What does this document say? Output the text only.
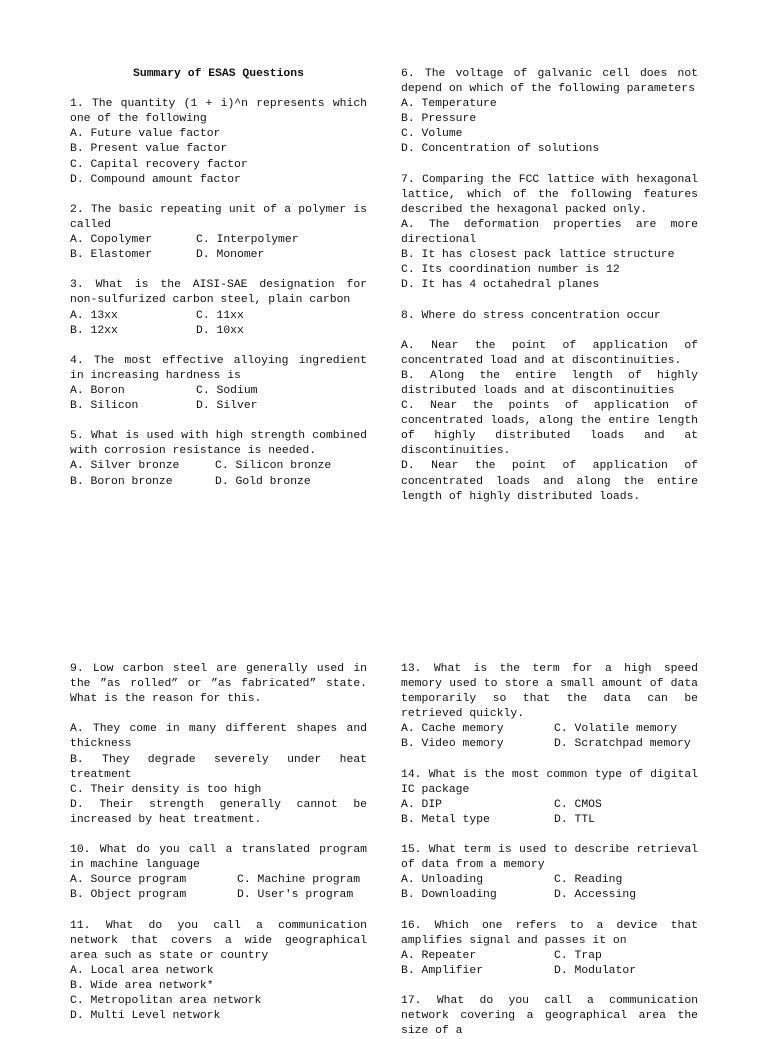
Summary of ESAS Questions

1. The quantity (1 + i)^n represents which one of the following

A. Future value factor

B. Present value factor

C. Capital recovery factor

D. Compound amount factor

2. The basic repeating unit of a polymer is called

A. Copolymer	C. Interpolymer
B. Elastomer	D. Monomer

3. What is the AISI-SAE designation for non-sulfurized carbon steel, plain carbon

A. 13xx	C. 11xx
B. 12xx	D. 10xx

4. The most effective alloying ingredient in increasing hardness is

A. Boron	C. Sodium
B. Silicon	D. Silver

5. What is used with high strength combined with corrosion resistance is needed.

A. Silver bronze	C. Silicon bronze
B. Boron bronze	D. Gold bronze

6. The voltage of galvanic cell does not depend on which of the following parameters

A. Temperature

B. Pressure

C. Volume

D. Concentration of solutions

7. Comparing the FCC lattice with hexagonal lattice, which of the following features described the hexagonal packed only.

A. The deformation properties are more directional

B. It has closest pack lattice structure

C. Its coordination number is 12

D. It has 4 octahedral planes

8. Where do stress concentration occur

A. Near the point of application of concentrated load and at discontinuities.

B. Along the entire length of highly distributed loads and at discontinuities

C. Near the points of application of concentrated loads, along the entire length of highly distributed loads and at discontinuities.

D. Near the point of application of concentrated loads and along the entire length of highly distributed loads.

9. Low carbon steel are generally used in the ”as rolled” or ”as fabricated” state. What is the reason for this.

A. They come in many different shapes and thickness

B. They degrade severely under heat treatment

C. Their density is too high

D. Their strength generally cannot be increased by heat treatment.

10. What do you call a translated program in machine language

A. Source program	C. Machine program
B. Object program	D. User's program

11. What do you call a communication network that covers a wide geographical area such as state or country

A. Local area network

B. Wide area network*

C. Metropolitan area network

D. Multi Level network

13. What is the term for a high speed memory used to store a small amount of data temporarily so that the data can be retrieved quickly.

A. Cache memory	C. Volatile memory
B. Video memory	D. Scratchpad memory

14. What is the most common type of digital IC package

A. DIP	C. CMOS
B. Metal type	D. TTL

15. What term is used to describe retrieval of data from a memory

A. Unloading	C. Reading
B. Downloading	D. Accessing

16. Which one refers to a device that amplifies signal and passes it on

A. Repeater	C. Trap
B. Amplifier	D. Modulator

17. What do you call a communication network covering a geographical area the size of a
